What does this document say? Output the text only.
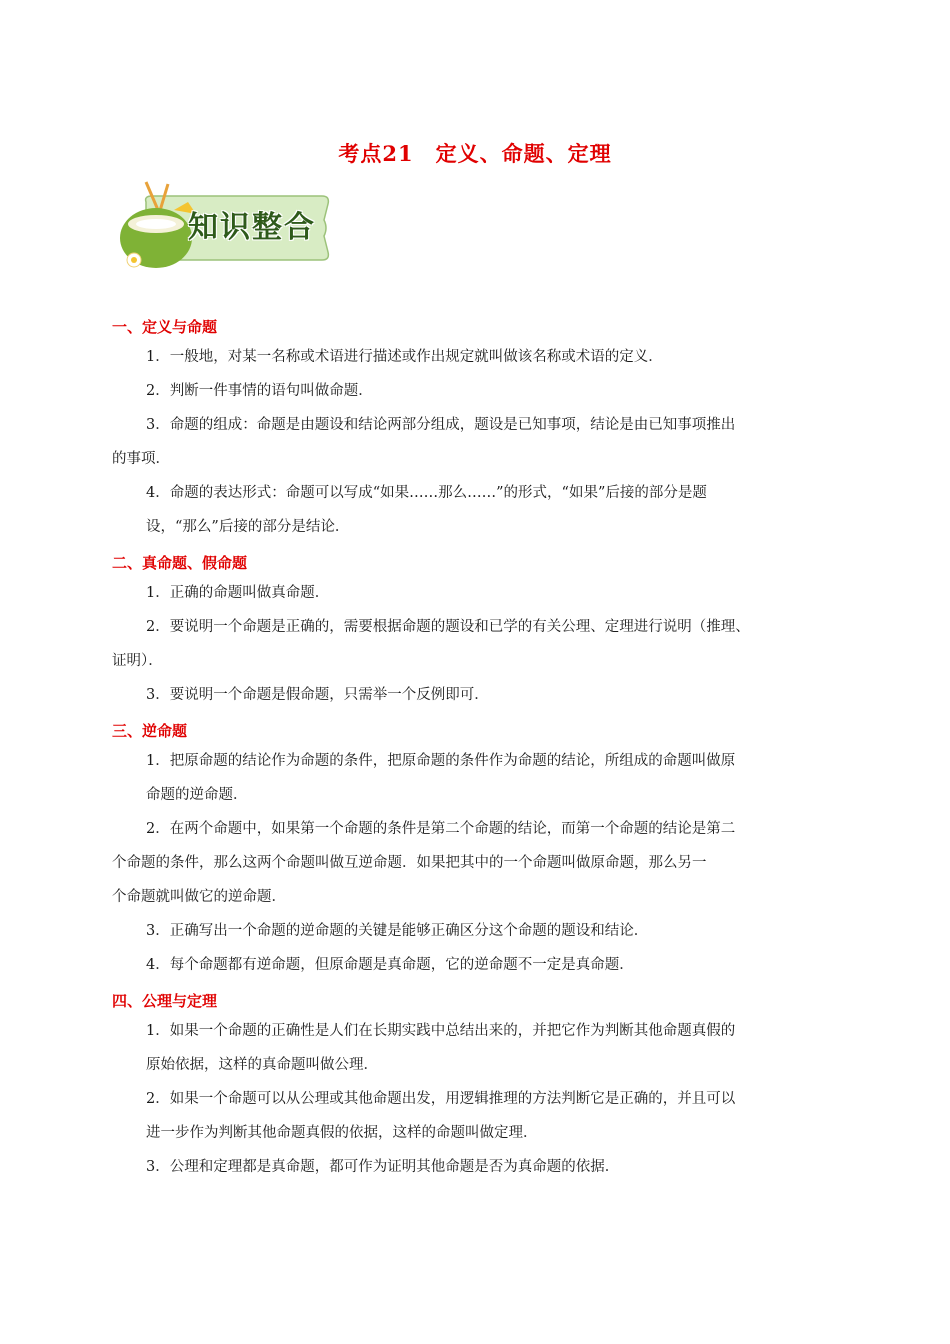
考点21　定义、命题、定理
知识整合
一、定义与命题
1．一般地，对某一名称或术语进行描述或作出规定就叫做该名称或术语的定义．
2．判断一件事情的语句叫做命题．
3．命题的组成：命题是由题设和结论两部分组成，题设是已知事项，结论是由已知事项推出
的事项．
4．命题的表达形式：命题可以写成“如果……那么……”的形式，“如果”后接的部分是题
设，“那么”后接的部分是结论．
二、真命题、假命题
1．正确的命题叫做真命题．
2．要说明一个命题是正确的，需要根据命题的题设和已学的有关公理、定理进行说明（推理、
证明）．
3．要说明一个命题是假命题，只需举一个反例即可．
三、逆命题
1．把原命题的结论作为命题的条件，把原命题的条件作为命题的结论，所组成的命题叫做原
命题的逆命题．
2．在两个命题中，如果第一个命题的条件是第二个命题的结论，而第一个命题的结论是第二
个命题的条件，那么这两个命题叫做互逆命题．如果把其中的一个命题叫做原命题，那么另一
个命题就叫做它的逆命题．
3．正确写出一个命题的逆命题的关键是能够正确区分这个命题的题设和结论．
4．每个命题都有逆命题，但原命题是真命题，它的逆命题不一定是真命题．
四、公理与定理
1．如果一个命题的正确性是人们在长期实践中总结出来的，并把它作为判断其他命题真假的
原始依据，这样的真命题叫做公理．
2．如果一个命题可以从公理或其他命题出发，用逻辑推理的方法判断它是正确的，并且可以
进一步作为判断其他命题真假的依据，这样的命题叫做定理．
3．公理和定理都是真命题，都可作为证明其他命题是否为真命题的依据．
